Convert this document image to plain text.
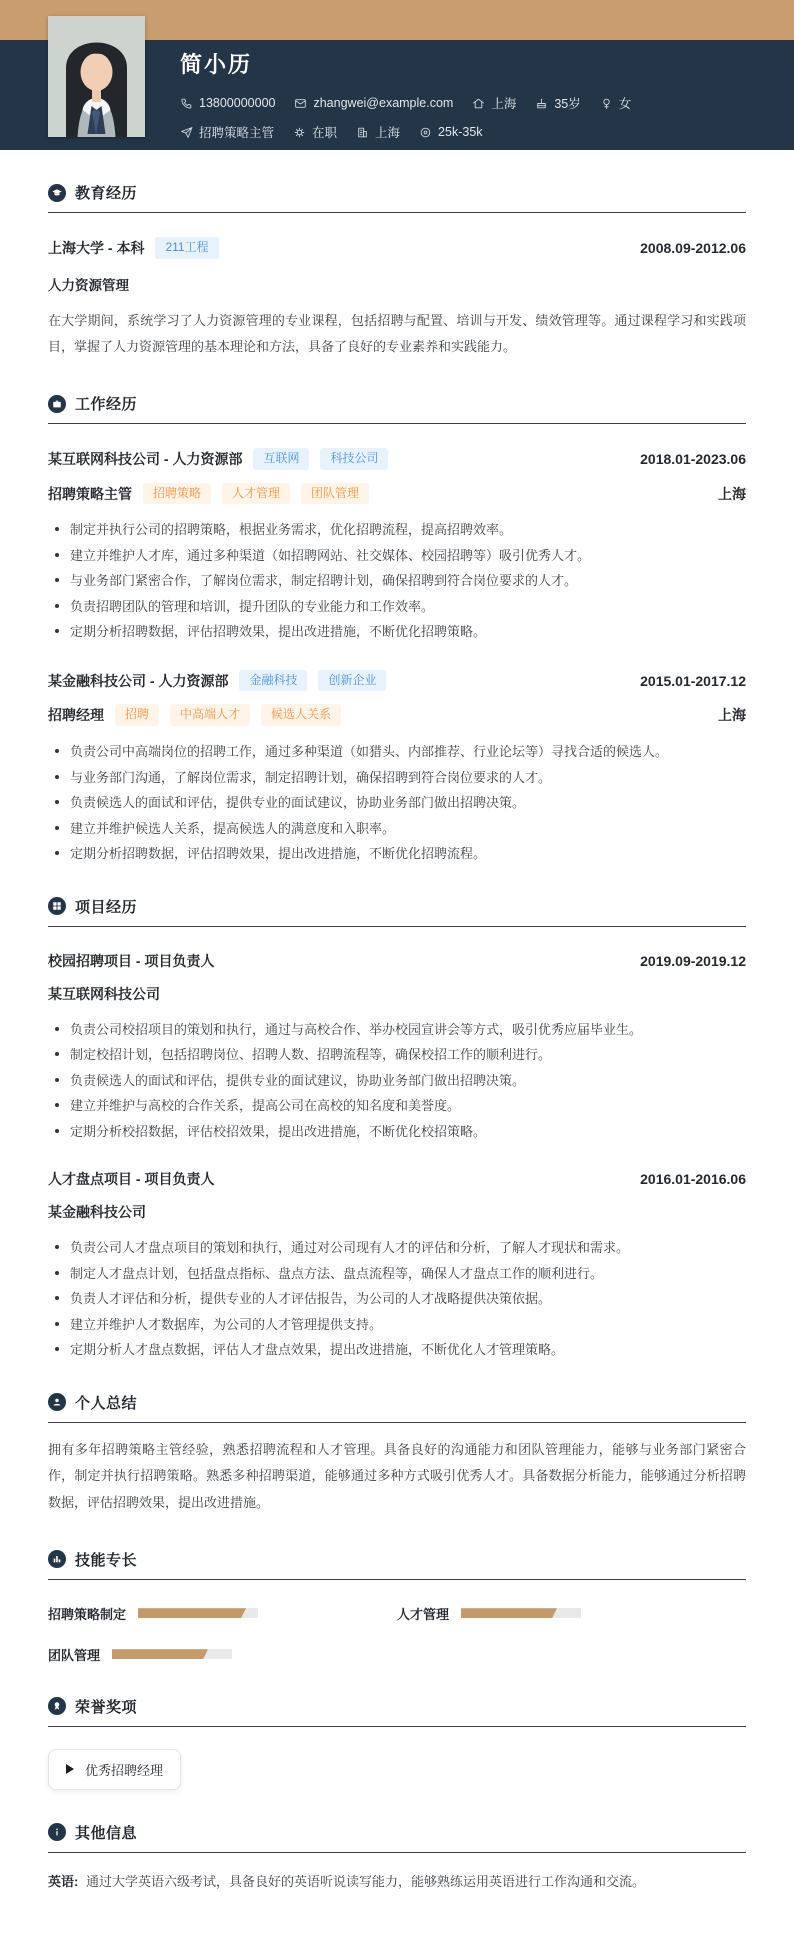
简小历
13800000000	zhangwei@example.com	上海	35岁	女
招聘策略主管	在职	上海	25k-35k
教育经历
上海大学 - 本科	211工程	2008.09-2012.06
人力资源管理

在大学期间，系统学习了人力资源管理的专业课程，包括招聘与配置、培训与开发、绩效管理等。通过课程学习和实践项目，掌握了人力资源管理的基本理论和方法，具备了良好的专业素养和实践能力。

工作经历
某互联网科技公司 - 人力资源部	互联网	科技公司	2018.01-2023.06
招聘策略主管	招聘策略	人才管理	团队管理	上海
制定并执行公司的招聘策略，根据业务需求，优化招聘流程，提高招聘效率。
建立并维护人才库，通过多种渠道（如招聘网站、社交媒体、校园招聘等）吸引优秀人才。
与业务部门紧密合作，了解岗位需求，制定招聘计划，确保招聘到符合岗位要求的人才。
负责招聘团队的管理和培训，提升团队的专业能力和工作效率。
定期分析招聘数据，评估招聘效果，提出改进措施，不断优化招聘策略。
某金融科技公司 - 人力资源部	金融科技	创新企业	2015.01-2017.12
招聘经理	招聘	中高端人才	候选人关系	上海
负责公司中高端岗位的招聘工作，通过多种渠道（如猎头、内部推荐、行业论坛等）寻找合适的候选人。
与业务部门沟通，了解岗位需求，制定招聘计划，确保招聘到符合岗位要求的人才。
负责候选人的面试和评估，提供专业的面试建议，协助业务部门做出招聘决策。
建立并维护候选人关系，提高候选人的满意度和入职率。
定期分析招聘数据，评估招聘效果，提出改进措施，不断优化招聘流程。
项目经历
校园招聘项目 - 项目负责人	2019.09-2019.12
某互联网科技公司
负责公司校招项目的策划和执行，通过与高校合作、举办校园宣讲会等方式，吸引优秀应届毕业生。
制定校招计划，包括招聘岗位、招聘人数、招聘流程等，确保校招工作的顺利进行。
负责候选人的面试和评估，提供专业的面试建议，协助业务部门做出招聘决策。
建立并维护与高校的合作关系，提高公司在高校的知名度和美誉度。
定期分析校招数据，评估校招效果，提出改进措施，不断优化校招策略。
人才盘点项目 - 项目负责人	2016.01-2016.06
某金融科技公司
负责公司人才盘点项目的策划和执行，通过对公司现有人才的评估和分析，了解人才现状和需求。
制定人才盘点计划，包括盘点指标、盘点方法、盘点流程等，确保人才盘点工作的顺利进行。
负责人才评估和分析，提供专业的人才评估报告，为公司的人才战略提供决策依据。
建立并维护人才数据库，为公司的人才管理提供支持。
定期分析人才盘点数据，评估人才盘点效果，提出改进措施，不断优化人才管理策略。
个人总结

拥有多年招聘策略主管经验，熟悉招聘流程和人才管理。具备良好的沟通能力和团队管理能力，能够与业务部门紧密合作，制定并执行招聘策略。熟悉多种招聘渠道，能够通过多种方式吸引优秀人才。具备数据分析能力，能够通过分析招聘数据，评估招聘效果，提出改进措施。

技能专长
招聘策略制定	人才管理
团队管理
荣誉奖项
优秀招聘经理
其他信息

英语: 通过大学英语六级考试，具备良好的英语听说读写能力，能够熟练运用英语进行工作沟通和交流。
